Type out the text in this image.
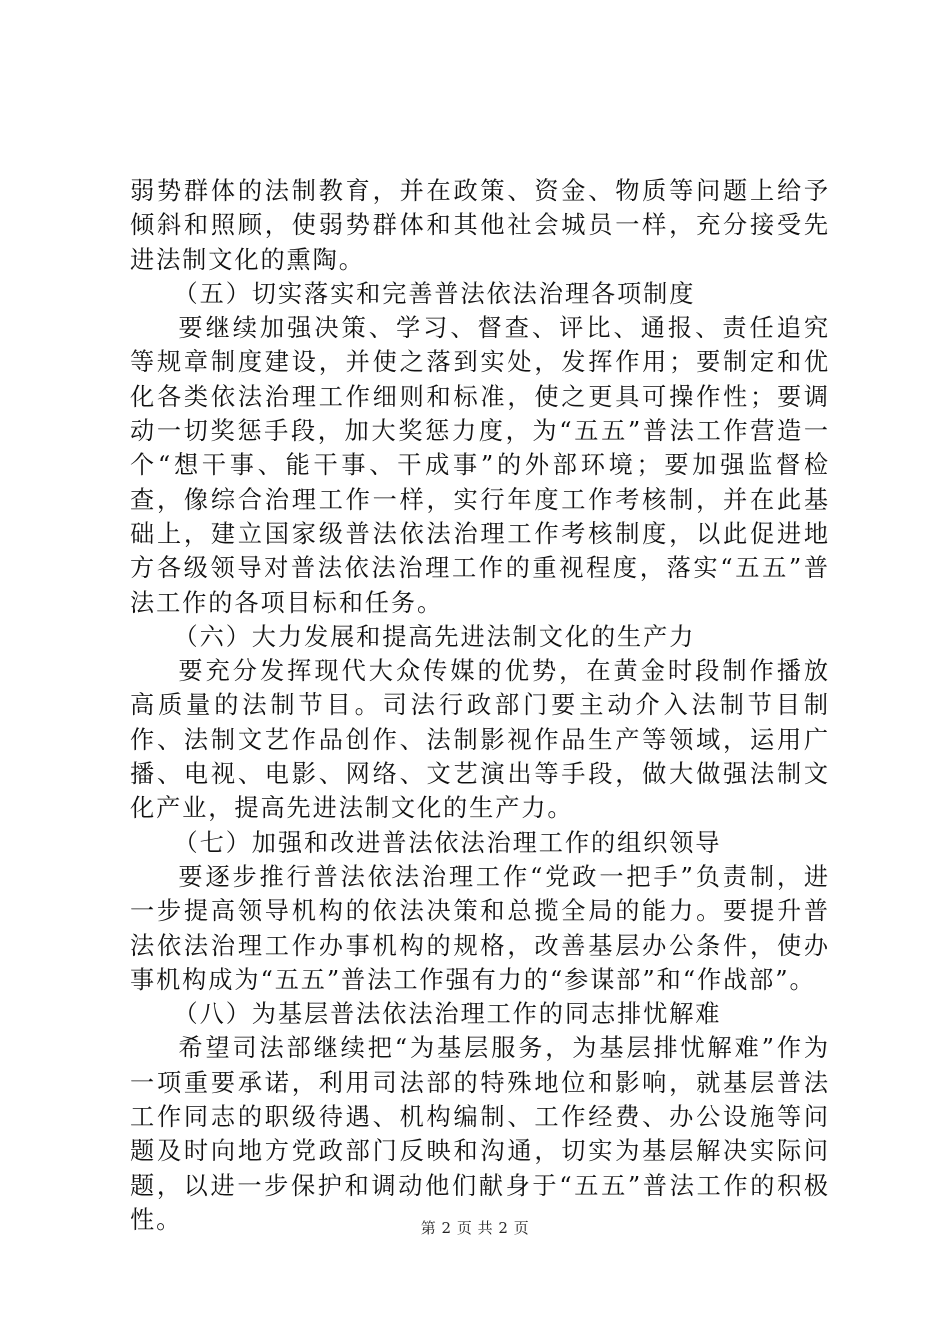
弱势群体的法制教育，并在政策、资金、物质等问题上给予倾斜和照顾，使弱势群体和其他社会城员一样，充分接受先进法制文化的熏陶。

（五）切实落实和完善普法依法治理各项制度

要继续加强决策、学习、督查、评比、通报、责任追究等规章制度建设，并使之落到实处，发挥作用；要制定和优化各类依法治理工作细则和标准，使之更具可操作性；要调动一切奖惩手段，加大奖惩力度，为“五五”普法工作营造一个“想干事、能干事、干成事”的外部环境；要加强监督检查，像综合治理工作一样，实行年度工作考核制，并在此基础上，建立国家级普法依法治理工作考核制度，以此促进地方各级领导对普法依法治理工作的重视程度，落实“五五”普法工作的各项目标和任务。

（六）大力发展和提高先进法制文化的生产力

要充分发挥现代大众传媒的优势，在黄金时段制作播放高质量的法制节目。司法行政部门要主动介入法制节目制作、法制文艺作品创作、法制影视作品生产等领域，运用广播、电视、电影、网络、文艺演出等手段，做大做强法制文化产业，提高先进法制文化的生产力。

（七）加强和改进普法依法治理工作的组织领导

要逐步推行普法依法治理工作“党政一把手”负责制，进一步提高领导机构的依法决策和总揽全局的能力。要提升普法依法治理工作办事机构的规格，改善基层办公条件，使办事机构成为“五五”普法工作强有力的“参谋部”和“作战部”。

（八）为基层普法依法治理工作的同志排忧解难

希望司法部继续把“为基层服务，为基层排忧解难”作为一项重要承诺，利用司法部的特殊地位和影响，就基层普法工作同志的职级待遇、机构编制、工作经费、办公设施等问题及时向地方党政部门反映和沟通，切实为基层解决实际问题，以进一步保护和调动他们献身于“五五”普法工作的积极性。	第 2 页 共 2 页
